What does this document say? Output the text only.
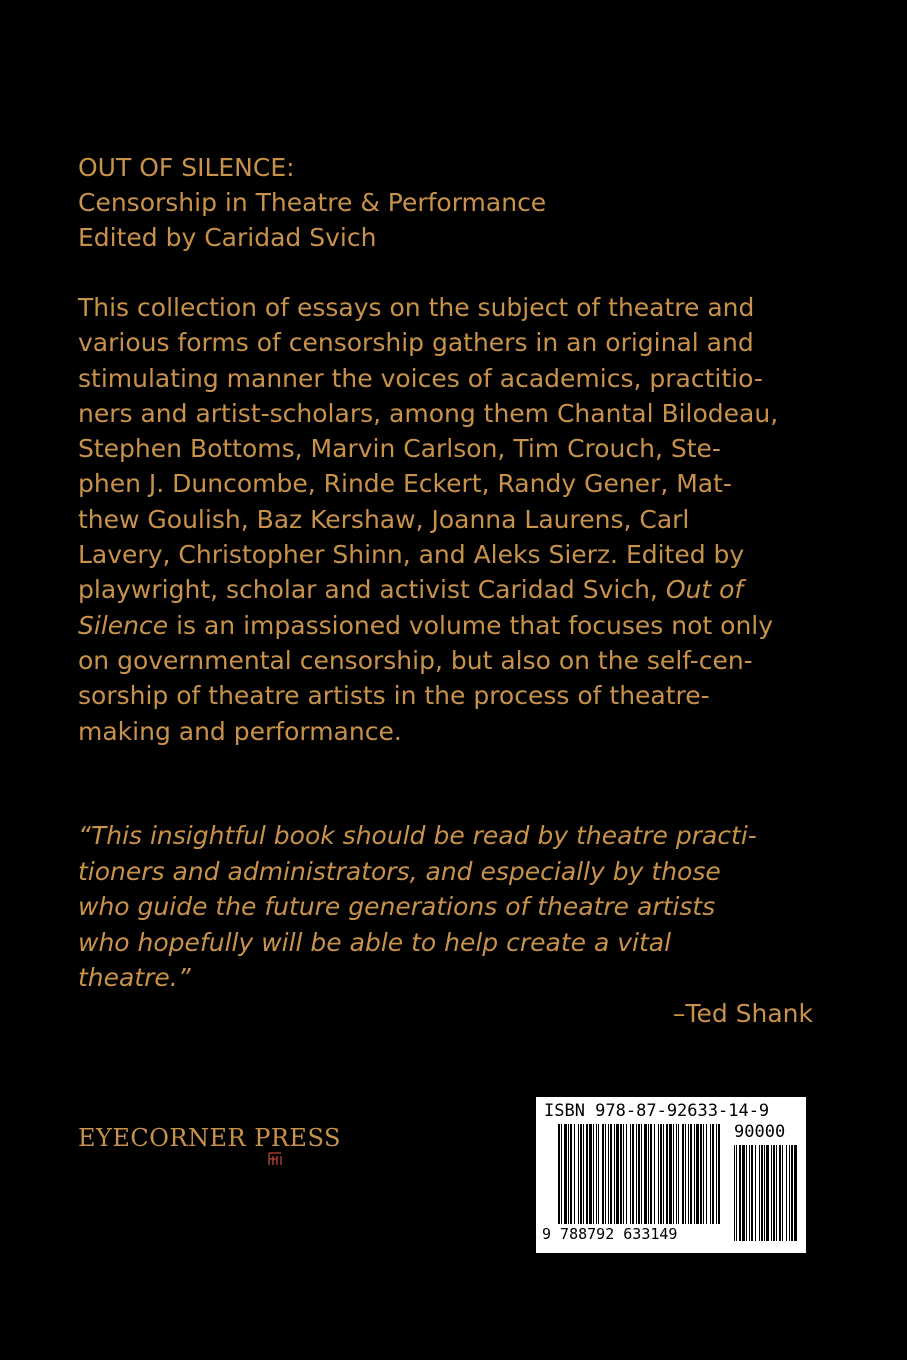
OUT OF SILENCE:
Censorship in Theatre & Performance
Edited by Caridad Svich
This collection of essays on the subject of theatre and
various forms of censorship gathers in an original and
stimulating manner the voices of academics, practitio-
ners and artist-scholars, among them Chantal Bilodeau,
Stephen Bottoms, Marvin Carlson, Tim Crouch, Ste-
phen J. Duncombe, Rinde Eckert, Randy Gener, Mat-
thew Goulish, Baz Kershaw, Joanna Laurens, Carl
Lavery, Christopher Shinn, and Aleks Sierz. Edited by
playwright, scholar and activist Caridad Svich, Out of
Silence is an impassioned volume that focuses not only
on governmental censorship, but also on the self-cen-
sorship of theatre artists in the process of theatre-
making and performance.
“This insightful book should be read by theatre practi-
tioners and administrators, and especially by those
who guide the future generations of theatre artists
who hopefully will be able to help create a vital
theatre.”
–Ted Shank
EYECORNER PRESS
ISBN 978-87-92633-14-9
90000
9 788792 633149
